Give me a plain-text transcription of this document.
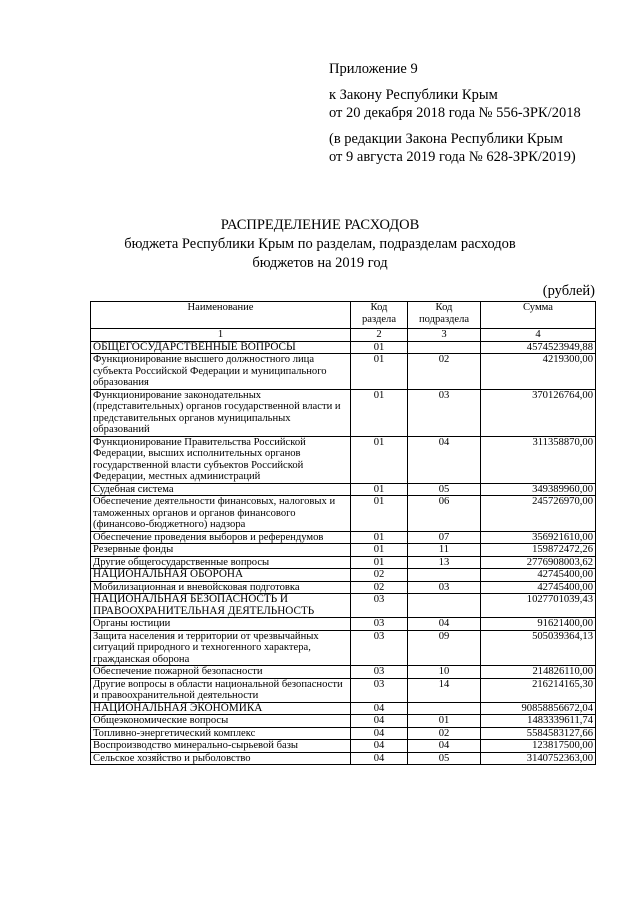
Приложение 9
к Закону Республики Крым
от 20 декабря 2018 года № 556-ЗРК/2018
(в редакции Закона Республики Крым
от 9 августа 2019 года № 628-ЗРК/2019)
РАСПРЕДЕЛЕНИЕ РАСХОДОВ
бюджета Республики Крым по разделам, подразделам расходов
бюджетов на 2019 год
(рублей)
Наименование	Код раздела	Код подраздела	Сумма
1	2	3	4
ОБЩЕГОСУДАРСТВЕННЫЕ ВОПРОСЫ	01		4574523949,88
Функционирование высшего должностного лица субъекта Российской Федерации и муниципального образования	01	02	4219300,00
Функционирование законодательных (представительных) органов государственной власти и представительных органов муниципальных образований	01	03	370126764,00
Функционирование Правительства Российской Федерации, высших исполнительных органов государственной власти субъектов Российской Федерации, местных администраций	01	04	311358870,00
Судебная система	01	05	349389960,00
Обеспечение деятельности финансовых, налоговых и таможенных органов и органов финансового (финансово-бюджетного) надзора	01	06	245726970,00
Обеспечение проведения выборов и референдумов	01	07	356921610,00
Резервные фонды	01	11	159872472,26
Другие общегосударственные вопросы	01	13	2776908003,62
НАЦИОНАЛЬНАЯ ОБОРОНА	02		42745400,00
Мобилизационная и вневойсковая подготовка	02	03	42745400,00
НАЦИОНАЛЬНАЯ БЕЗОПАСНОСТЬ И ПРАВООХРАНИТЕЛЬНАЯ ДЕЯТЕЛЬНОСТЬ	03		1027701039,43
Органы юстиции	03	04	91621400,00
Защита населения и территории от чрезвычайных ситуаций природного и техногенного характера, гражданская оборона	03	09	505039364,13
Обеспечение пожарной безопасности	03	10	214826110,00
Другие вопросы в области национальной безопасности и правоохранительной деятельности	03	14	216214165,30
НАЦИОНАЛЬНАЯ ЭКОНОМИКА	04		90858856672,04
Общеэкономические вопросы	04	01	1483339611,74
Топливно-энергетический комплекс	04	02	5584583127,66
Воспроизводство минерально-сырьевой базы	04	04	123817500,00
Сельское хозяйство и рыболовство	04	05	3140752363,00
